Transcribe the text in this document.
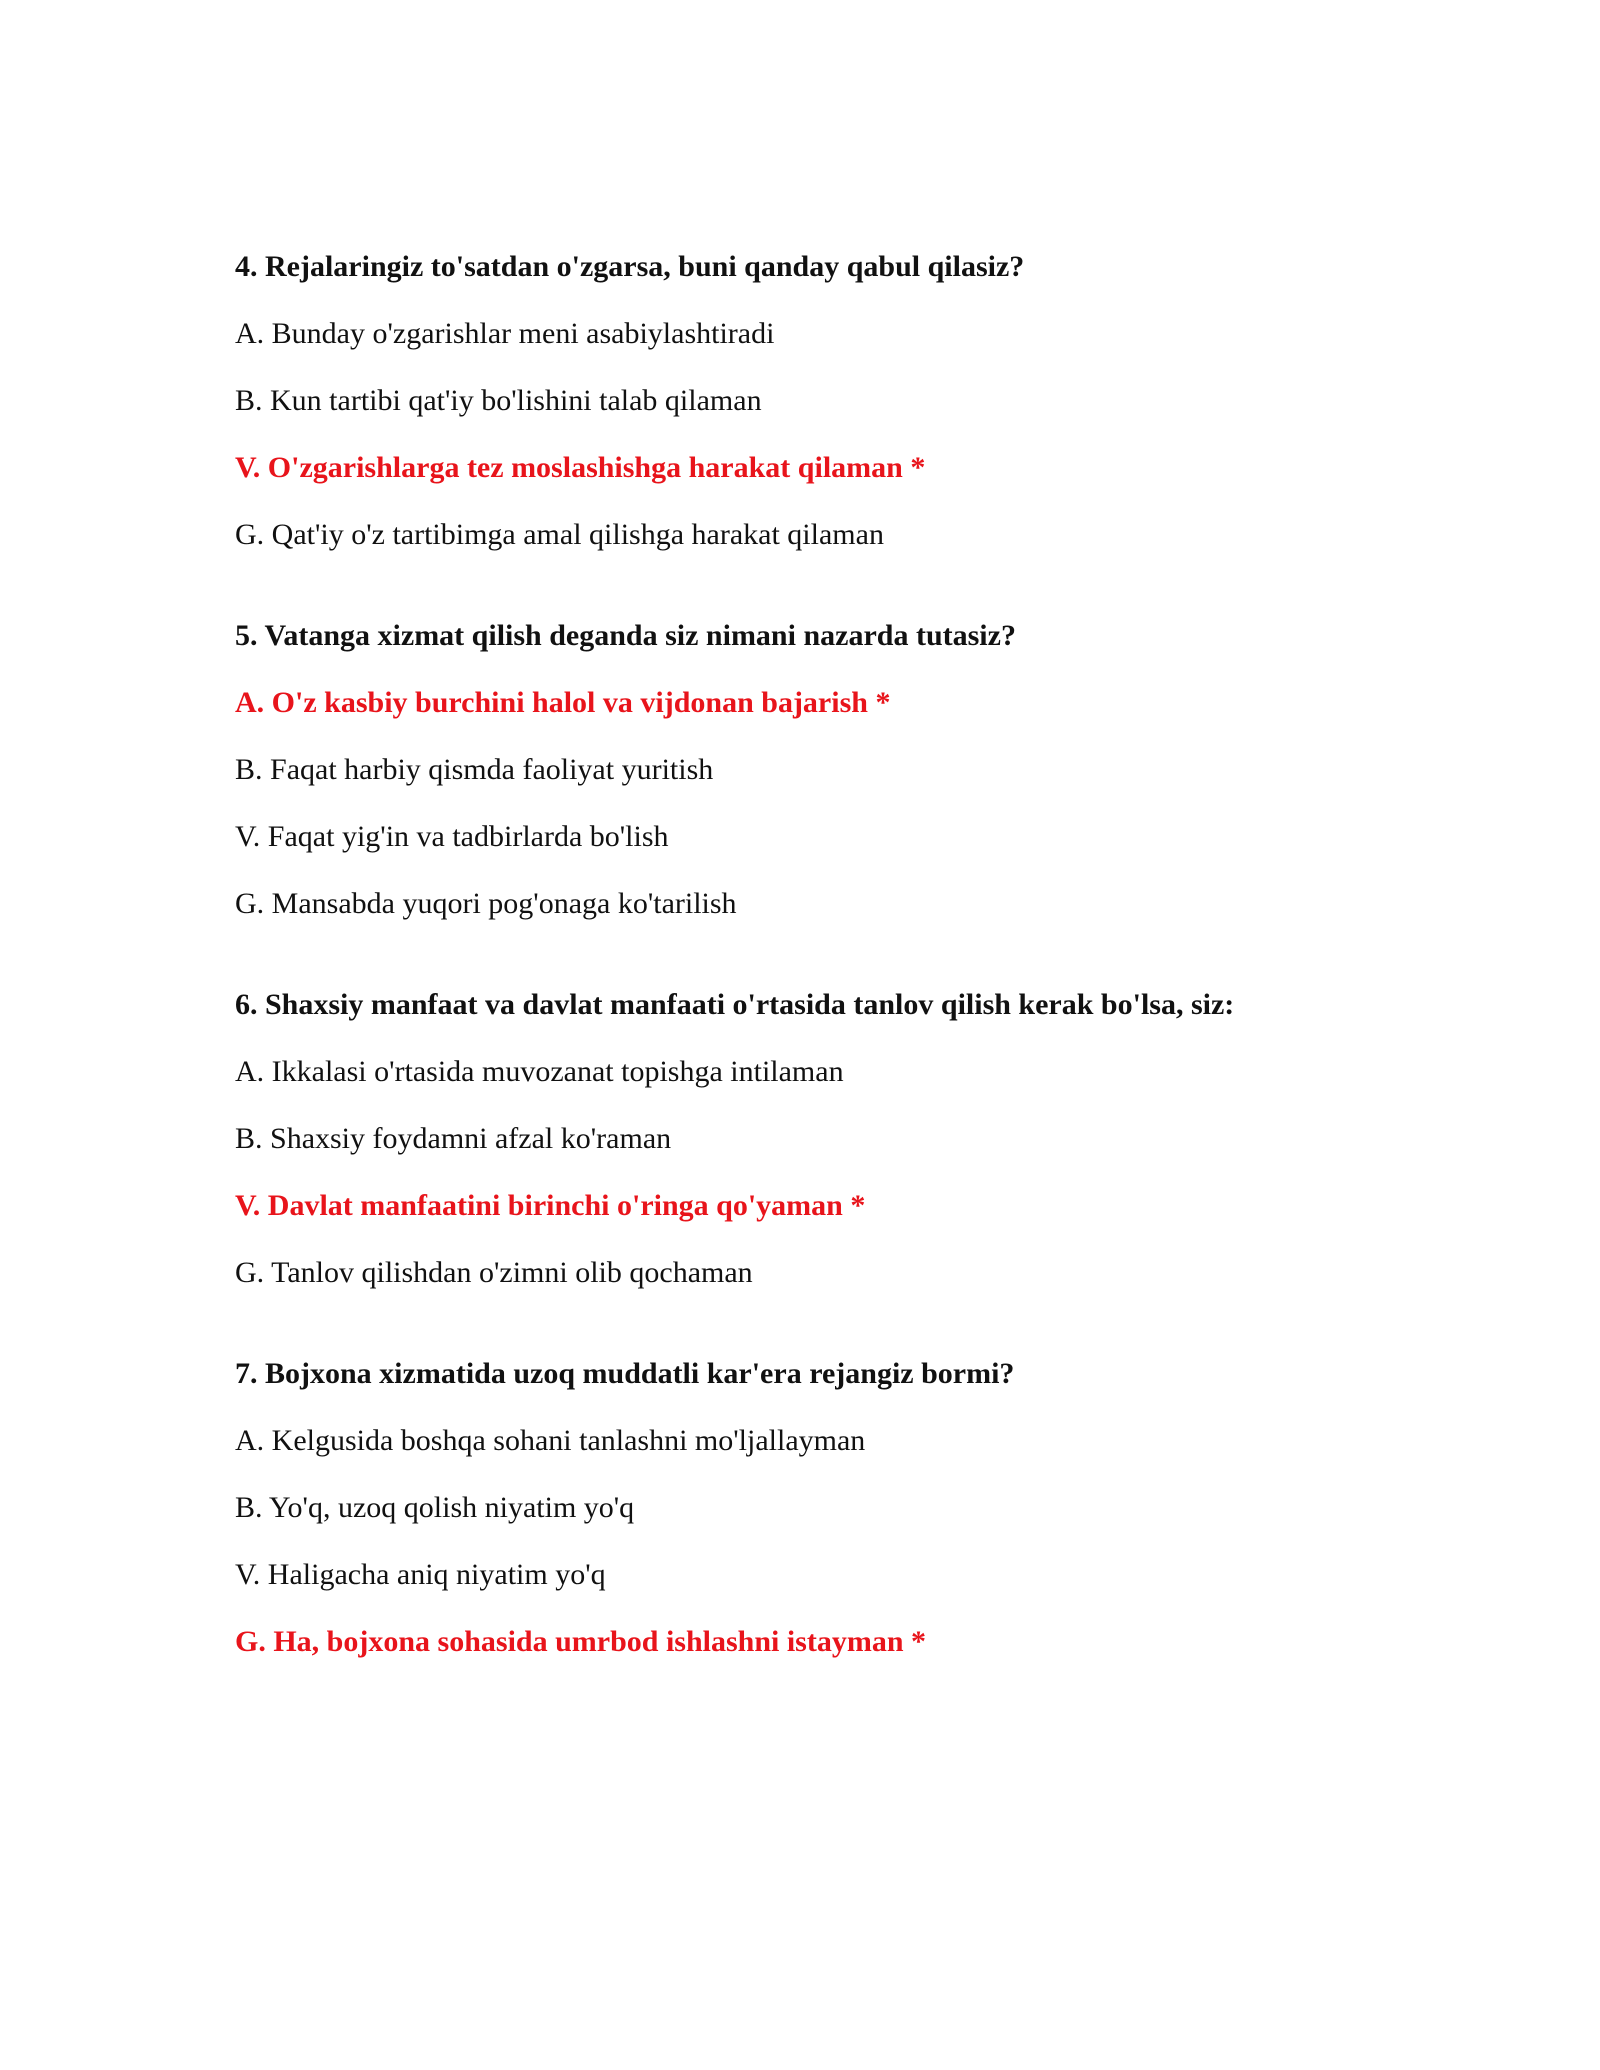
4. Rejalaringiz to'satdan o'zgarsa, buni qanday qabul qilasiz?
A. Bunday o'zgarishlar meni asabiylashtiradi
B. Kun tartibi qat'iy bo'lishini talab qilaman
V. O'zgarishlarga tez moslashishga harakat qilaman *
G. Qat'iy o'z tartibimga amal qilishga harakat qilaman
5. Vatanga xizmat qilish deganda siz nimani nazarda tutasiz?
A. O'z kasbiy burchini halol va vijdonan bajarish *
B. Faqat harbiy qismda faoliyat yuritish
V. Faqat yig'in va tadbirlarda bo'lish
G. Mansabda yuqori pog'onaga ko'tarilish
6. Shaxsiy manfaat va davlat manfaati o'rtasida tanlov qilish kerak bo'lsa, siz:
A. Ikkalasi o'rtasida muvozanat topishga intilaman
B. Shaxsiy foydamni afzal ko'raman
V. Davlat manfaatini birinchi o'ringa qo'yaman *
G. Tanlov qilishdan o'zimni olib qochaman
7. Bojxona xizmatida uzoq muddatli kar'era rejangiz bormi?
A. Kelgusida boshqa sohani tanlashni mo'ljallayman
B. Yo'q, uzoq qolish niyatim yo'q
V. Haligacha aniq niyatim yo'q
G. Ha, bojxona sohasida umrbod ishlashni istayman *
